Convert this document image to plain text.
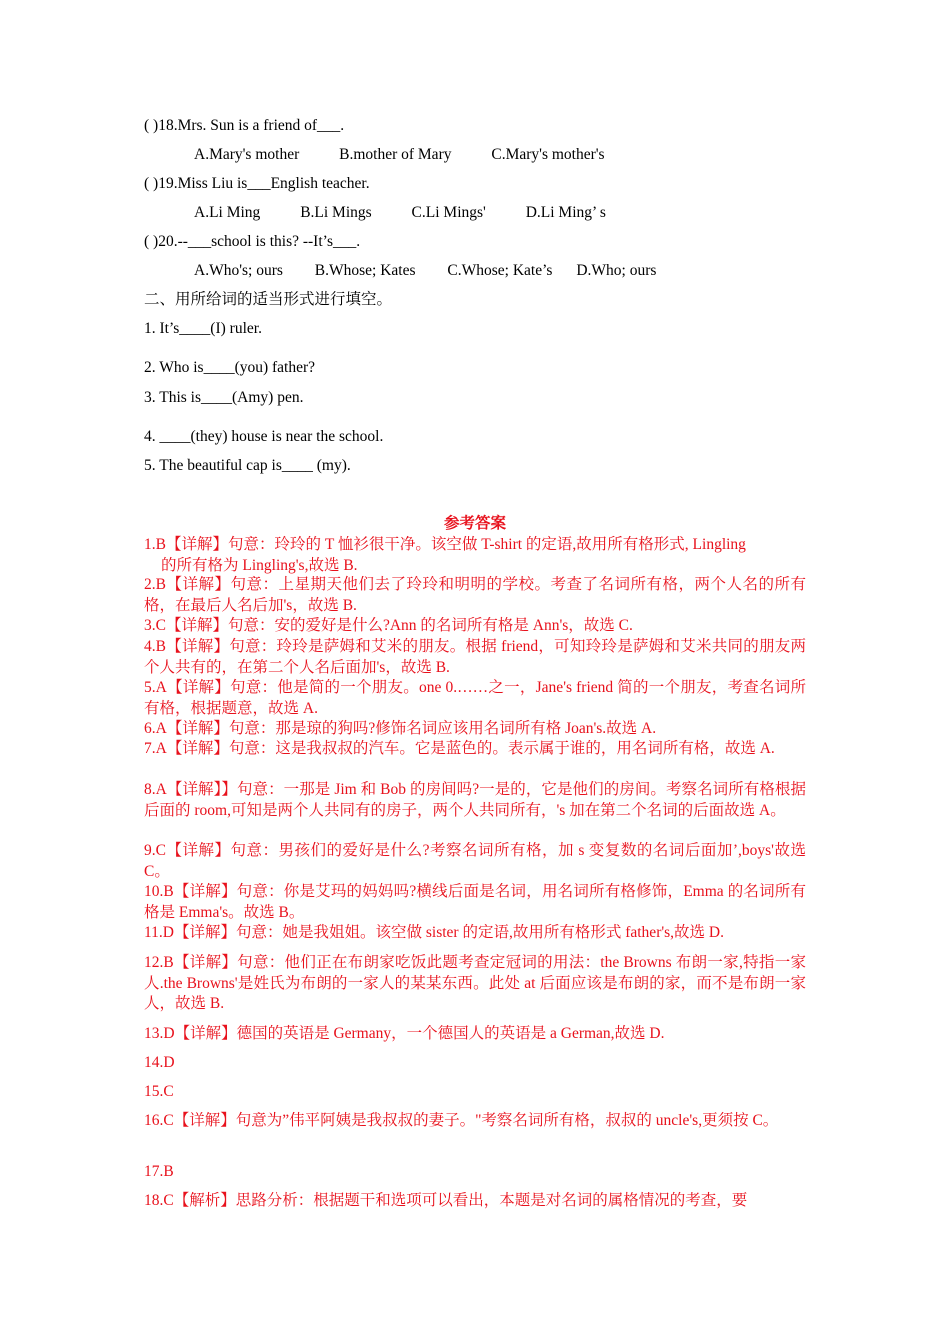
( )18.Mrs. Sun is a friend of___.
A.Mary's mother	B.mother of Mary	C.Mary's mother's
( )19.Miss Liu is___English teacher.
A.Li Ming	B.Li Mings	C.Li Mings'	D.Li Ming’ s
( )20.--___school is this? --It’s___.
A.Who's; ours B.Whose; Kates C.Whose; Kate’s D.Who; ours
二、用所给词的适当形式进行填空。
1. It’s____(I) ruler.
2. Who is____(you) father?
3. This is____(Amy) pen.
4. ____(they) house is near the school.
5. The beautiful cap is____ (my).
参考答案
1.B【详解】句意：玲玲的 T 恤衫很干净。该空做 T-shirt 的定语,故用所有格形式, Lingling
的所有格为 Lingling's,故选 B.
2.B【详解】句意：上星期天他们去了玲玲和明明的学校。考查了名词所有格，两个人名的所有格，在最后人名后加's，故选 B.
3.C【详解】句意：安的爱好是什么?Ann 的名词所有格是 Ann's，故选 C.
4.B【详解】句意：玲玲是萨姆和艾米的朋友。根据 friend，可知玲玲是萨姆和艾米共同的朋友两个人共有的，在第二个人名后面加's，故选 B.
5.A【详解】句意：他是简的一个朋友。one 0.……之一，Jane's friend 简的一个朋友，考查名词所有格，根据题意，故选 A.
6.A【详解】句意：那是琼的狗吗?修饰名词应该用名词所有格 Joan's.故选 A.
7.A【详解】句意：这是我叔叔的汽车。它是蓝色的。表示属于谁的，用名词所有格，故选 A.
8.A【详解】】句意：一那是 Jim 和 Bob 的房间吗?一是的，它是他们的房间。考察名词所有格根据后面的 room,可知是两个人共同有的房子，两个人共同所有，'s 加在第二个名词的后面故选 A。
9.C【详解】句意：男孩们的爱好是什么?考察名词所有格，加 s 变复数的名词后面加’,boys'故选 C。
10.B【详解】句意：你是艾玛的妈妈吗?横线后面是名词，用名词所有格修饰，Emma 的名词所有格是 Emma's。故选 B。
11.D【详解】句意：她是我姐姐。该空做 sister 的定语,故用所有格形式 father's,故选 D.
12.B【详解】句意：他们正在布朗家吃饭此题考查定冠词的用法：the Browns 布朗一家,特指一家人.the Browns'是姓氏为布朗的一家人的某某东西。此处 at 后面应该是布朗的家，而不是布朗一家人，故选 B.
13.D【详解】德国的英语是 Germany，一个德国人的英语是 a German,故选 D.
14.D
15.C
16.C【详解】句意为”伟平阿姨是我叔叔的妻子。"考察名词所有格，叔叔的 uncle's,更须按 C。
17.B
18.C【解析】思路分析：根据题干和选项可以看出，本题是对名词的属格情况的考查，要
